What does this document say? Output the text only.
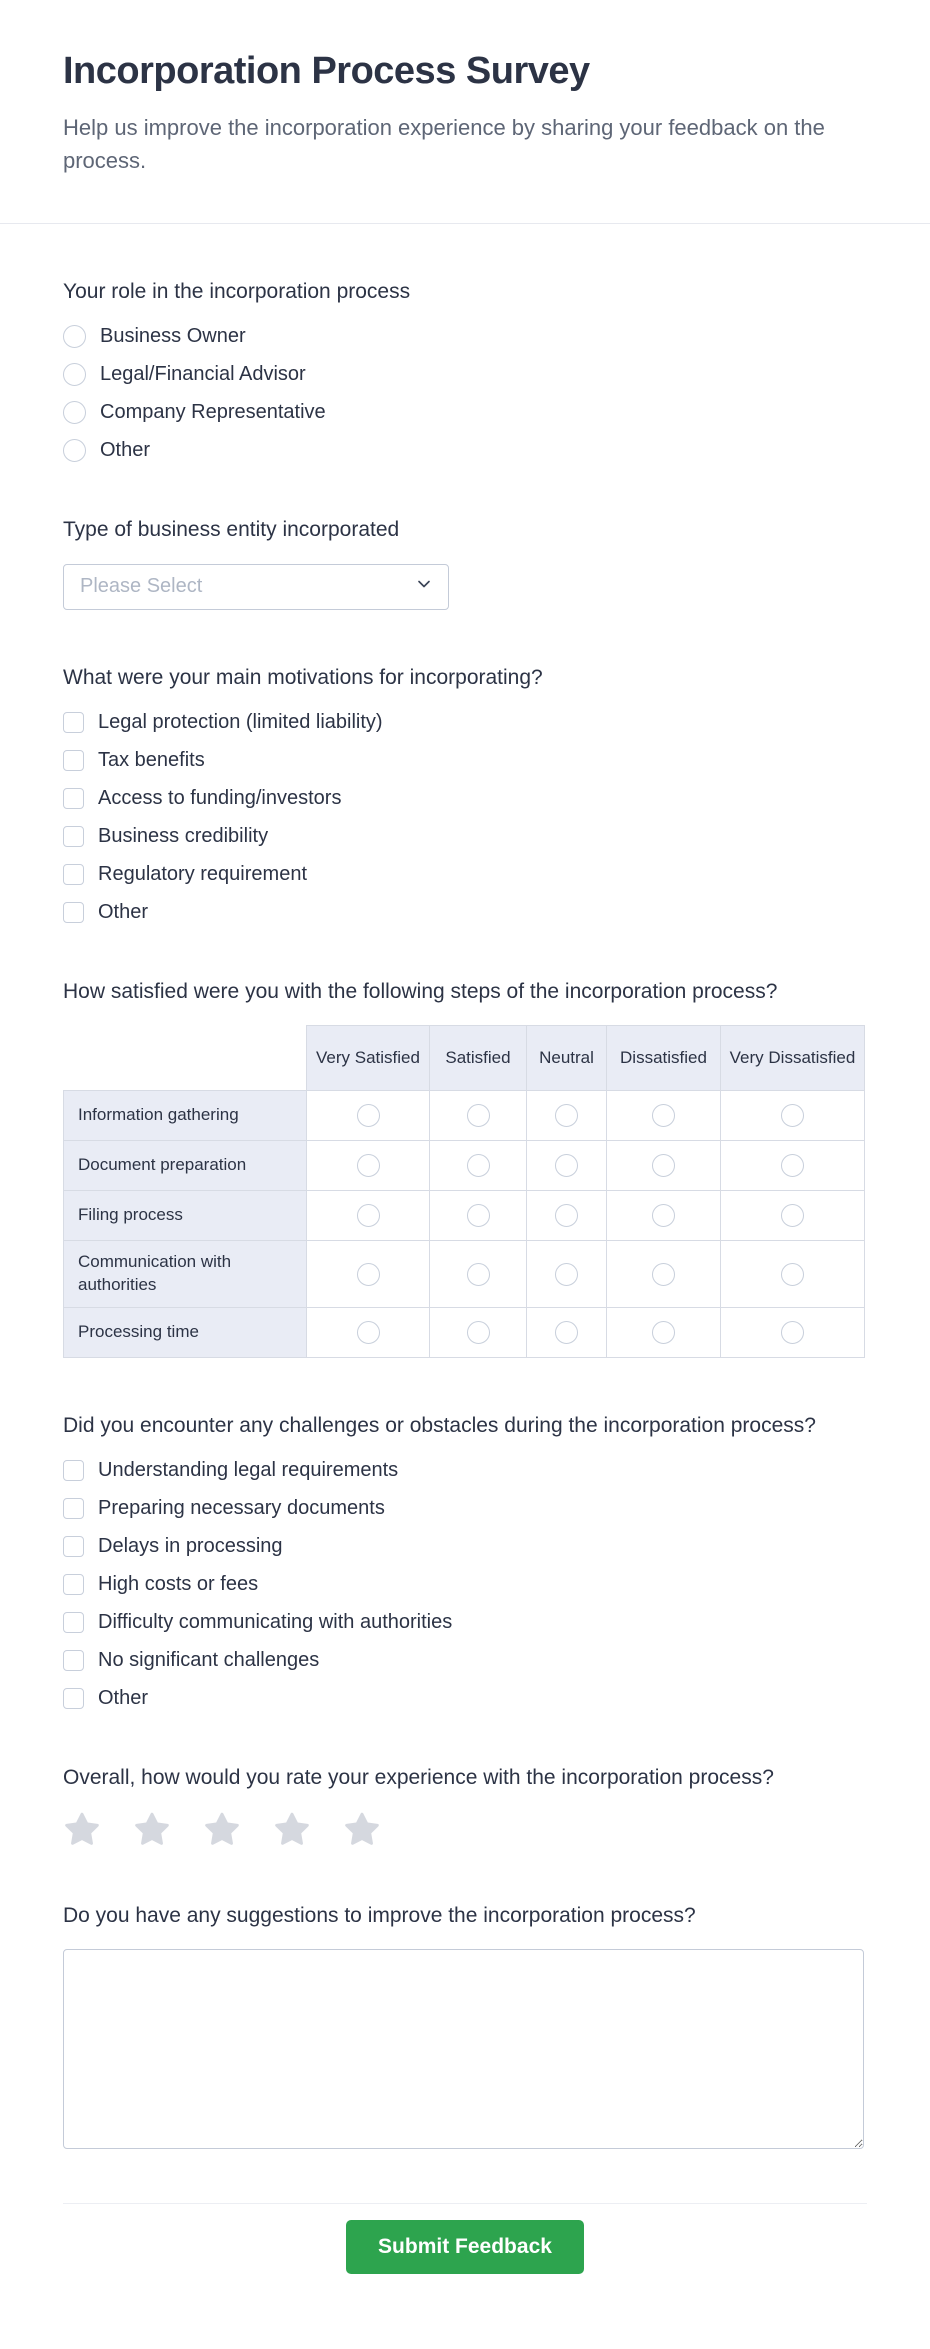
Incorporation Process Survey
Help us improve the incorporation experience by sharing your feedback on the process.
Your role in the incorporation process
Business Owner
Legal/Financial Advisor
Company Representative
Other
Type of business entity incorporated
Please Select
What were your main motivations for incorporating?
Legal protection (limited liability)
Tax benefits
Access to funding/investors
Business credibility
Regulatory requirement
Other
How satisfied were you with the following steps of the incorporation process?
	Very Satisfied	Satisfied	Neutral	Dissatisfied	Very Dissatisfied
Information gathering					
Document preparation					
Filing process					
Communication with authorities					
Processing time					
Did you encounter any challenges or obstacles during the incorporation process?
Understanding legal requirements
Preparing necessary documents
Delays in processing
High costs or fees
Difficulty communicating with authorities
No significant challenges
Other
Overall, how would you rate your experience with the incorporation process?
Do you have any suggestions to improve the incorporation process?
Submit Feedback
